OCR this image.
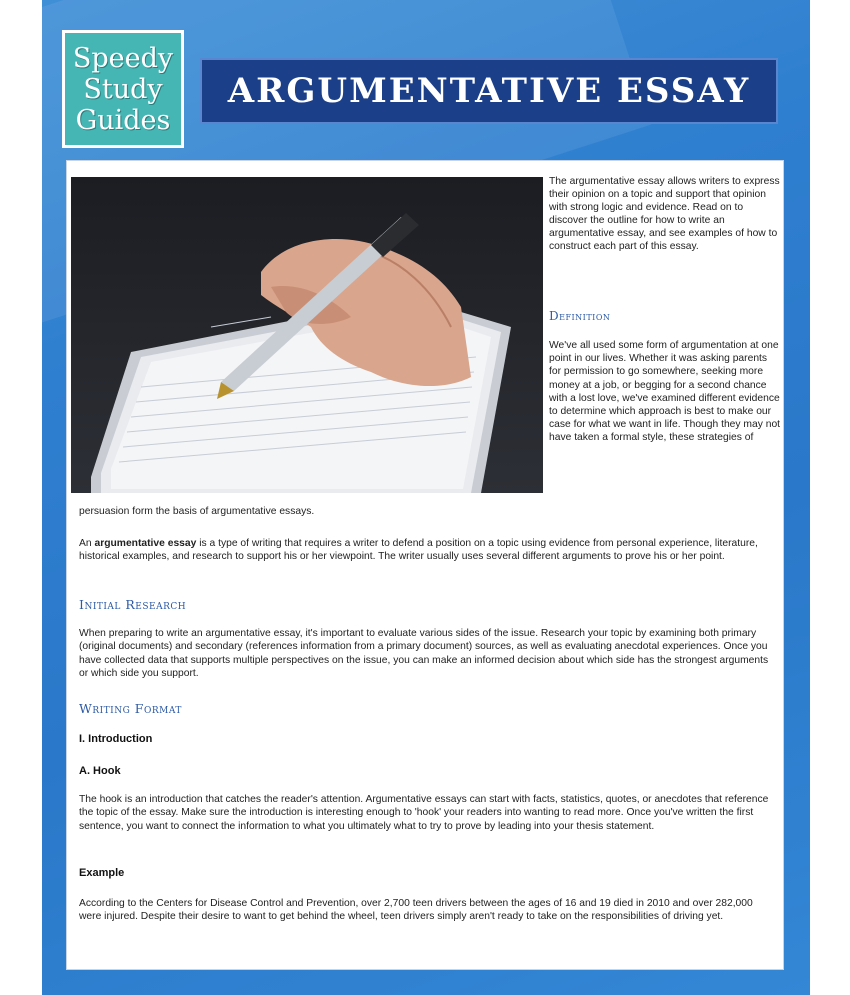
Speedy
Study
Guides
ARGUMENTATIVE ESSAY
The argumentative essay allows writers to express their opinion on a topic and support that opinion with strong logic and evidence. Read on to discover the outline for how to write an argumentative essay, and see examples of how to construct each part of this essay.
Definition
We've all used some form of argumentation at one point in our lives. Whether it was asking parents for permission to go somewhere, seeking more money at a job, or begging for a second chance with a lost love, we've examined different evidence to determine which approach is best to make our case for what we want in life. Though they may not have taken a formal style, these strategies of
persuasion form the basis of argumentative essays.
An argumentative essay is a type of writing that requires a writer to defend a position on a topic using evidence from personal experience, literature, historical examples, and research to support his or her viewpoint. The writer usually uses several different arguments to prove his or her point.
Initial Research
When preparing to write an argumentative essay, it's important to evaluate various sides of the issue. Research your topic by examining both primary (original documents) and secondary (references information from a primary document) sources, as well as evaluating anecdotal experiences. Once you have collected data that supports multiple perspectives on the issue, you can make an informed decision about which side has the strongest arguments or which side you support.
Writing Format
I. Introduction
A. Hook
The hook is an introduction that catches the reader's attention. Argumentative essays can start with facts, statistics, quotes, or anecdotes that reference the topic of the essay. Make sure the introduction is interesting enough to 'hook' your readers into wanting to read more. Once you've written the first sentence, you want to connect the information to what you ultimately what to try to prove by leading into your thesis statement.
Example
According to the Centers for Disease Control and Prevention, over 2,700 teen drivers between the ages of 16 and 19 died in 2010 and over 282,000 were injured. Despite their desire to want to get behind the wheel, teen drivers simply aren't ready to take on the responsibilities of driving yet.
